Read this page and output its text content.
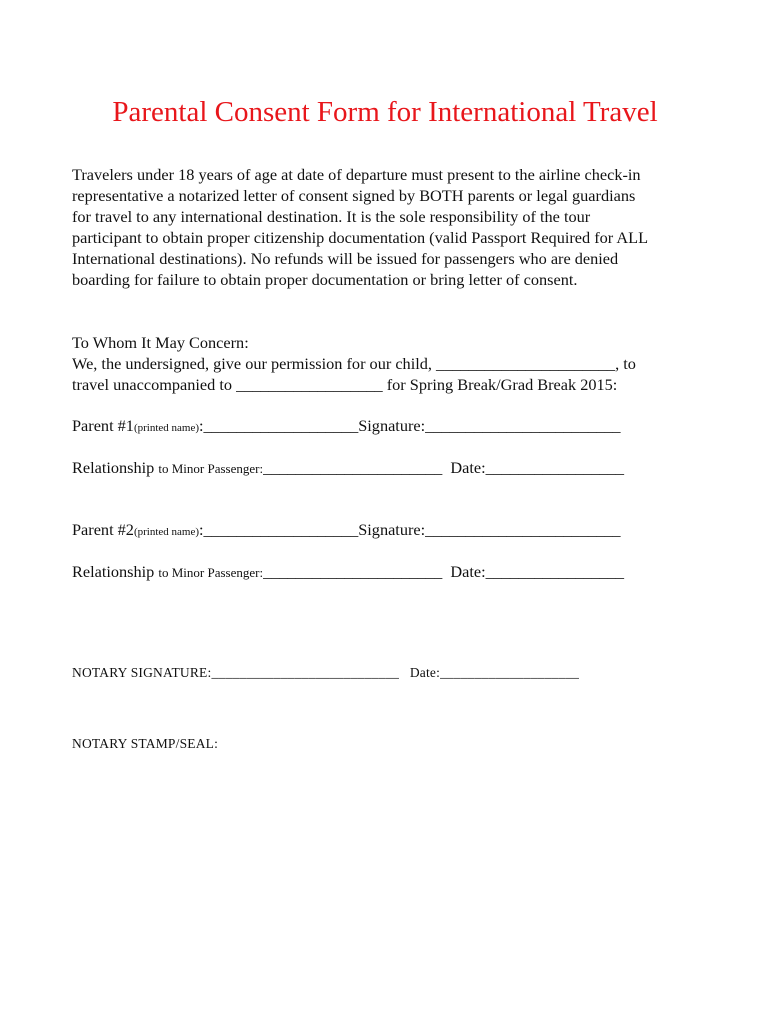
Parental Consent Form for International Travel
Travelers under 18 years of age at date of departure must present to the airline check-in
representative a notarized letter of consent signed by BOTH parents or legal guardians
for travel to any international destination. It is the sole responsibility of the tour
participant to obtain proper citizenship documentation (valid Passport Required for ALL
International destinations). No refunds will be issued for passengers who are denied
boarding for failure to obtain proper documentation or bring letter of consent.
To Whom It May Concern:
We, the undersigned, give our permission for our child, ______________________, to
travel unaccompanied to __________________ for Spring Break/Grad Break 2015:
Parent #1(printed name):___________________Signature:________________________
Relationship to Minor Passenger:______________________ Date:_________________
Parent #2(printed name):___________________Signature:________________________
Relationship to Minor Passenger:______________________ Date:_________________
NOTARY SIGNATURE:___________________________ Date:____________________
NOTARY STAMP/SEAL:
